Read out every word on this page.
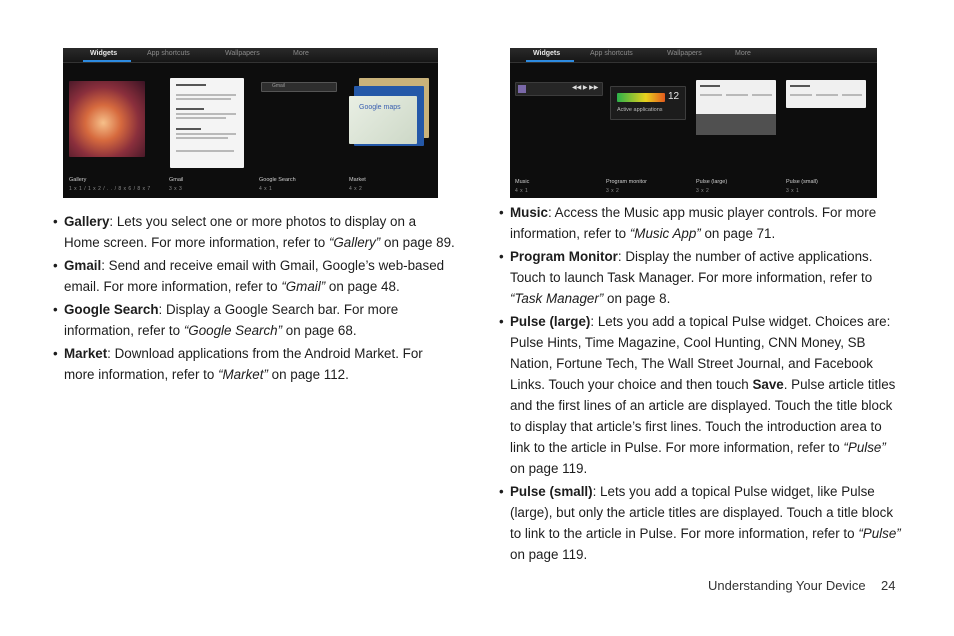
Widgets	App shortcuts	Wallpapers	More
Gmail
Google maps
Gallery
1 x 1 / 1 x 2 / . . / 8 x 6 / 8 x 7
Gmail
3 x 3
Google Search
4 x 1
Market
4 x 2
Widgets	App shortcuts	Wallpapers	More
◀◀ ▶ ▶▶
12
Active applications
Music
4 x 1
Program monitor
3 x 2
Pulse (large)
3 x 2
Pulse (small)
3 x 1
• Gallery: Lets you select one or more photos to display on a Home screen. For more information, refer to “Gallery” on page 89.
• Gmail: Send and receive email with Gmail, Google’s web-based email. For more information, refer to “Gmail” on page 48.
• Google Search: Display a Google Search bar. For more information, refer to “Google Search” on page 68.
• Market: Download applications from the Android Market. For more information, refer to “Market” on page 112.
• Music: Access the Music app music player controls. For more information, refer to “Music App” on page 71.
• Program Monitor: Display the number of active applications. Touch to launch Task Manager. For more information, refer to “Task Manager” on page 8.
• Pulse (large): Lets you add a topical Pulse widget. Choices are: Pulse Hints, Time Magazine, Cool Hunting, CNN Money, SB Nation, Fortune Tech, The Wall Street Journal, and Facebook Links. Touch your choice and then touch Save. Pulse article titles and the first lines of an article are displayed. Touch the title block to display that article’s first lines. Touch the introduction area to link to the article in Pulse. For more information, refer to “Pulse” on page 119.
• Pulse (small): Lets you add a topical Pulse widget, like Pulse (large), but only the article titles are displayed. Touch a title block to link to the article in Pulse. For more information, refer to “Pulse” on page 119.
Understanding Your Device 24
